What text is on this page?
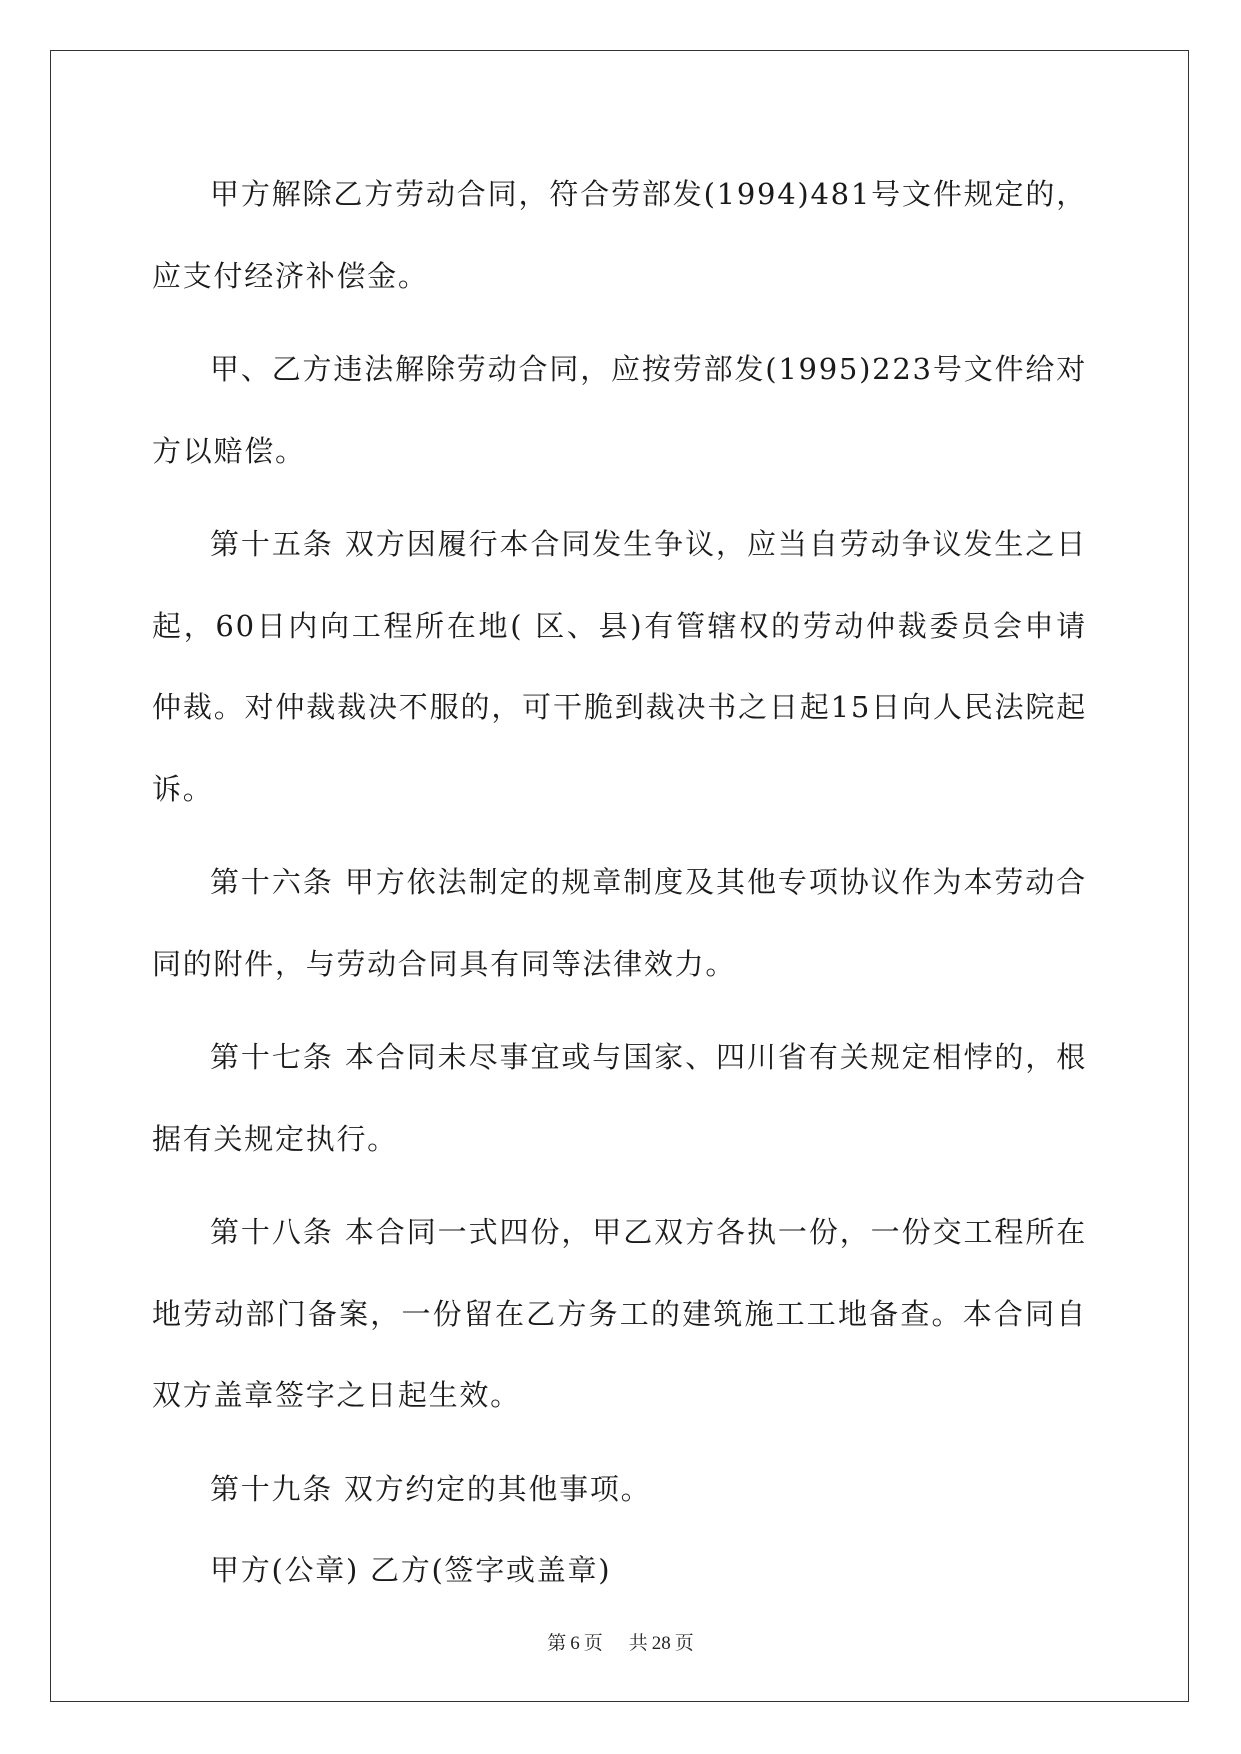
甲方解除乙方劳动合同，符合劳部发(1994)481号文件规定的，应支付经济补偿金。

甲、乙方违法解除劳动合同，应按劳部发(1995)223号文件给对方以赔偿。

第十五条 双方因履行本合同发生争议，应当自劳动争议发生之日起，60日内向工程所在地( 区、县)有管辖权的劳动仲裁委员会申请仲裁。对仲裁裁决不服的，可干脆到裁决书之日起15日向人民法院起诉。

第十六条 甲方依法制定的规章制度及其他专项协议作为本劳动合同的附件，与劳动合同具有同等法律效力。

第十七条 本合同未尽事宜或与国家、四川省有关规定相悖的，根据有关规定执行。

第十八条 本合同一式四份，甲乙双方各执一份，一份交工程所在地劳动部门备案，一份留在乙方务工的建筑施工工地备查。本合同自双方盖章签字之日起生效。

第十九条 双方约定的其他事项。

甲方(公章) 乙方(签字或盖章)

第 6 页 共 28 页
